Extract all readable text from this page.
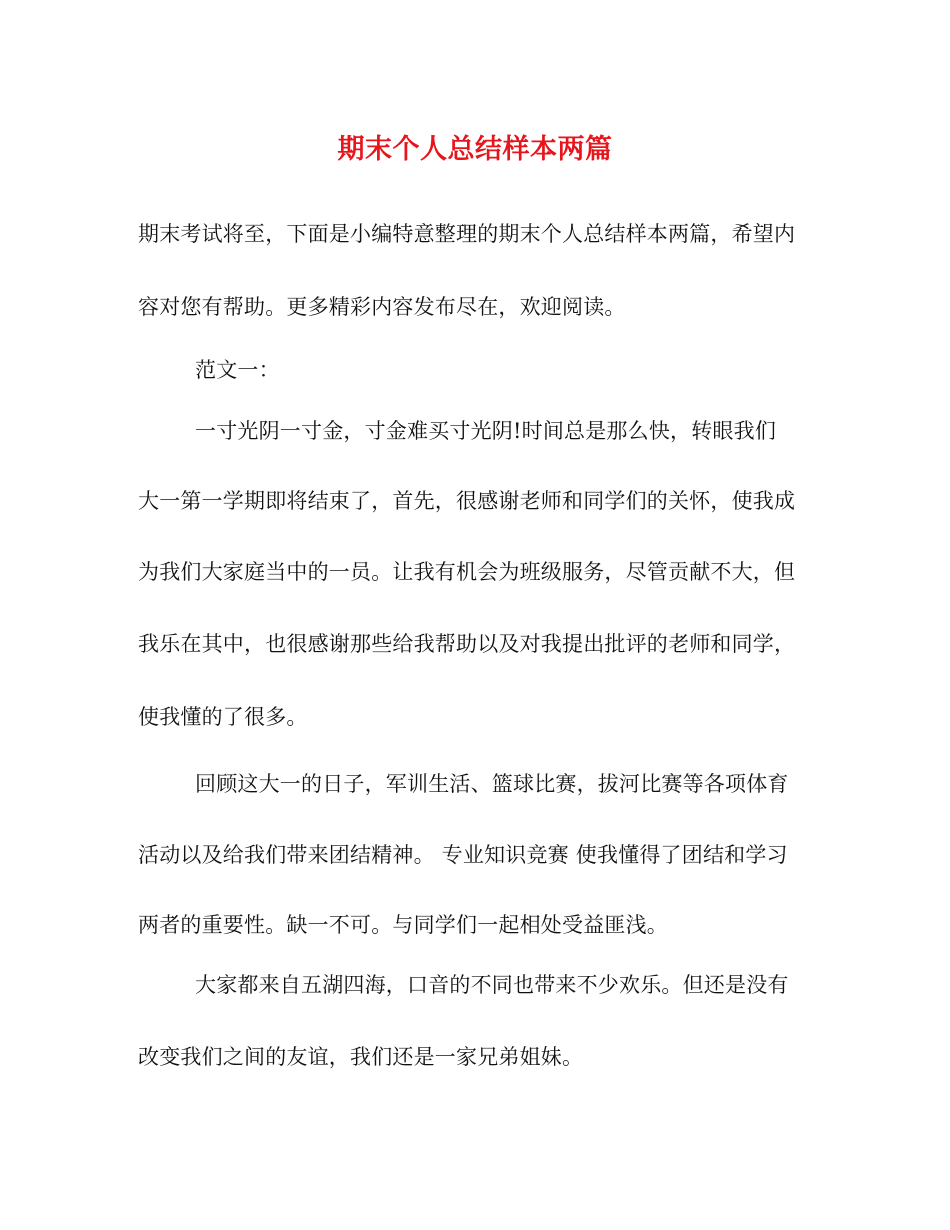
期末个人总结样本两篇
期末考试将至，下面是小编特意整理的期末个人总结样本两篇，希望内
容对您有帮助。更多精彩内容发布尽在，欢迎阅读。
范文一：
一寸光阴一寸金，寸金难买寸光阴!时间总是那么快，转眼我们
大一第一学期即将结束了，首先，很感谢老师和同学们的关怀，使我成
为我们大家庭当中的一员。让我有机会为班级服务，尽管贡献不大，但
我乐在其中，也很感谢那些给我帮助以及对我提出批评的老师和同学，
使我懂的了很多。
回顾这大一的日子，军训生活、篮球比赛，拔河比赛等各项体育
活动以及给我们带来团结精神。 专业知识竞赛 使我懂得了团结和学习
两者的重要性。缺一不可。与同学们一起相处受益匪浅。
大家都来自五湖四海，口音的不同也带来不少欢乐。但还是没有
改变我们之间的友谊，我们还是一家兄弟姐妹。
